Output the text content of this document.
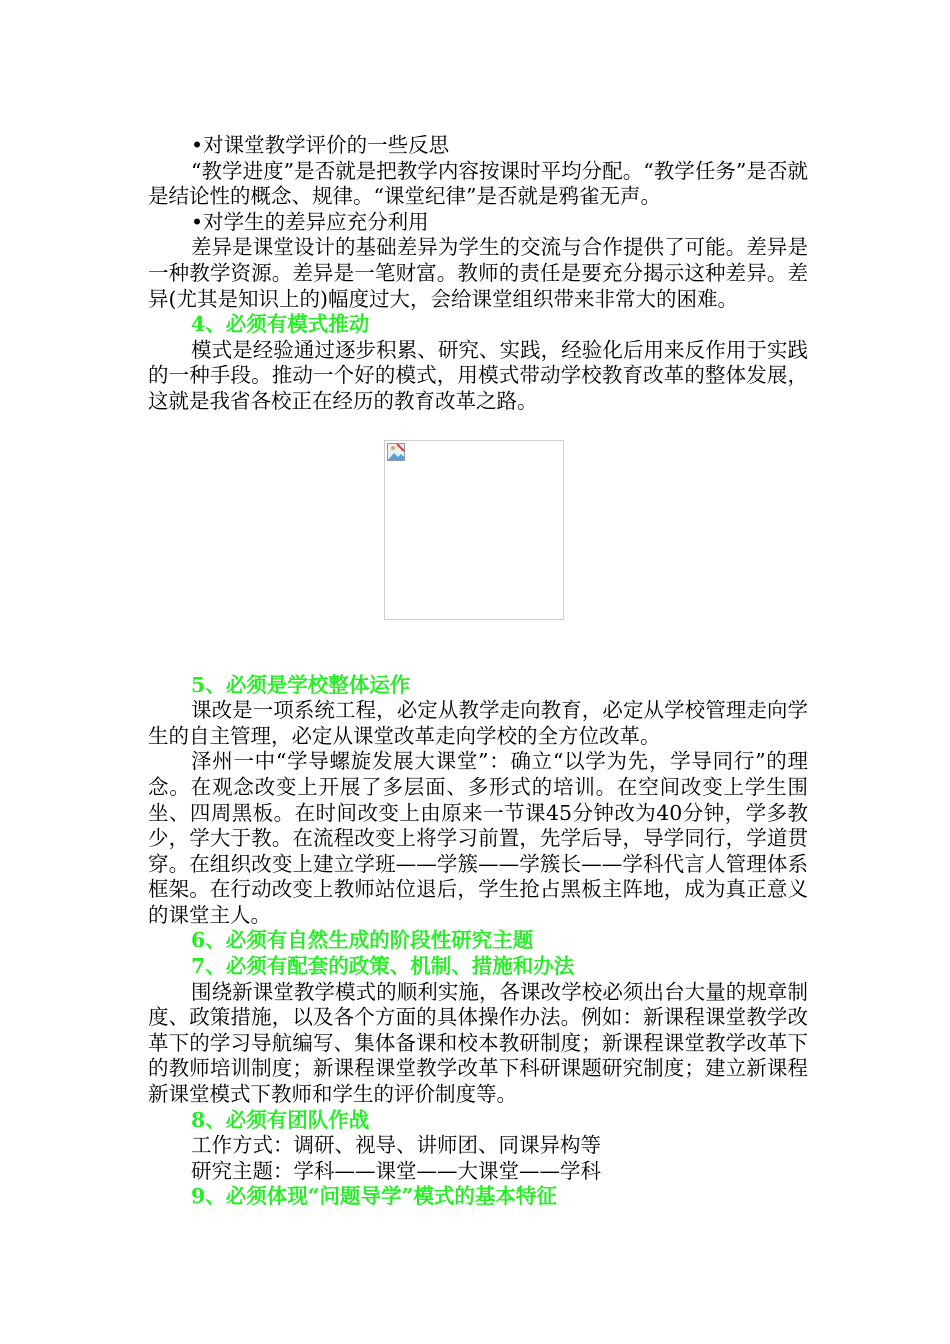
•对课堂教学评价的一些反思

“教学进度”是否就是把教学内容按课时平均分配。“教学任务”是否就是结论性的概念、规律。“课堂纪律”是否就是鸦雀无声。

•对学生的差异应充分利用

差异是课堂设计的基础差异为学生的交流与合作提供了可能。差异是一种教学资源。差异是一笔财富。教师的责任是要充分揭示这种差异。差异(尤其是知识上的)幅度过大，会给课堂组织带来非常大的困难。

4、必须有模式推动

模式是经验通过逐步积累、研究、实践，经验化后用来反作用于实践的一种手段。推动一个好的模式，用模式带动学校教育改革的整体发展，这就是我省各校正在经历的教育改革之路。

5、必须是学校整体运作

课改是一项系统工程，必定从教学走向教育，必定从学校管理走向学生的自主管理，必定从课堂改革走向学校的全方位改革。

泽州一中“学导螺旋发展大课堂”：确立“以学为先，学导同行”的理念。在观念改变上开展了多层面、多形式的培训。在空间改变上学生围坐、四周黑板。在时间改变上由原来一节课45分钟改为40分钟，学多教少，学大于教。在流程改变上将学习前置，先学后导，导学同行，学道贯穿。在组织改变上建立学班——学簇——学簇长——学科代言人管理体系框架。在行动改变上教师站位退后，学生抢占黑板主阵地，成为真正意义的课堂主人。

6、必须有自然生成的阶段性研究主题

7、必须有配套的政策、机制、措施和办法

围绕新课堂教学模式的顺利实施，各课改学校必须出台大量的规章制度、政策措施，以及各个方面的具体操作办法。例如：新课程课堂教学改革下的学习导航编写、集体备课和校本教研制度；新课程课堂教学改革下的教师培训制度；新课程课堂教学改革下科研课题研究制度；建立新课程新课堂模式下教师和学生的评价制度等。

8、必须有团队作战

工作方式：调研、视导、讲师团、同课异构等

研究主题：学科——课堂——大课堂——学科

9、必须体现“问题导学”模式的基本特征
